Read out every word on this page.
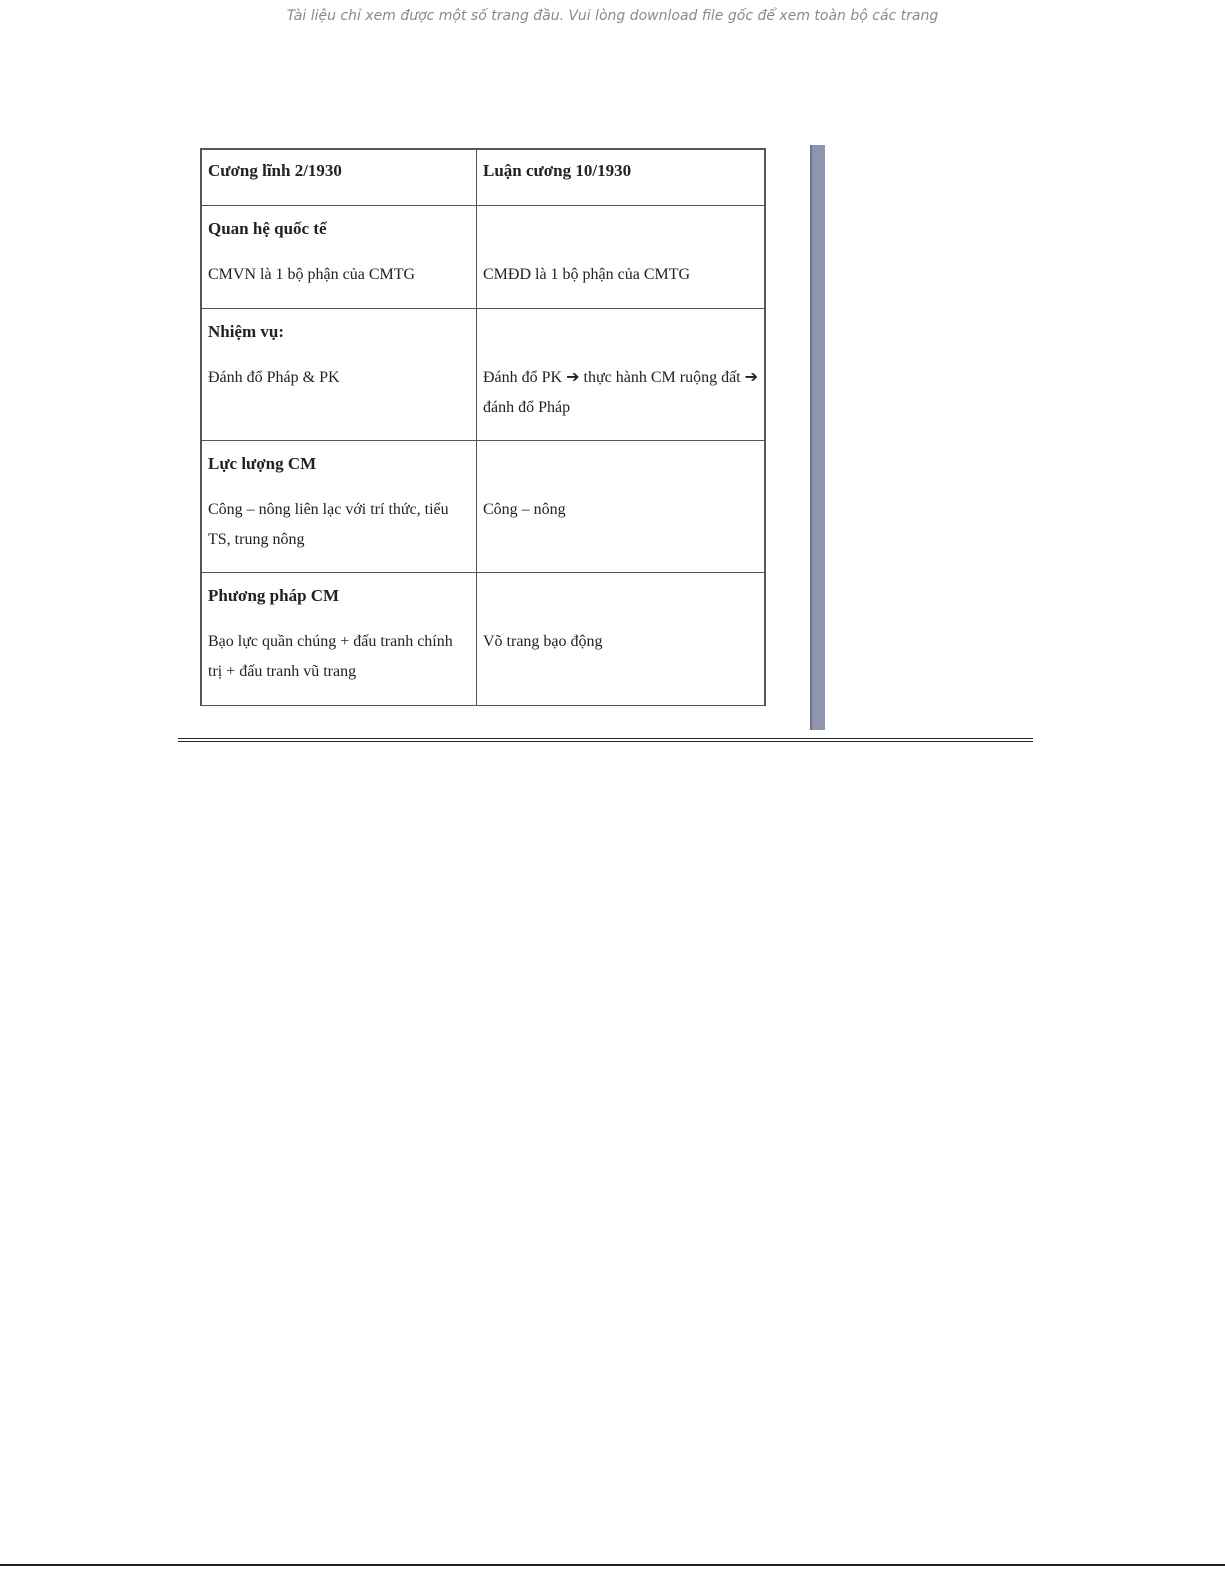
Tài liệu chỉ xem được một số trang đầu. Vui lòng download file gốc để xem toàn bộ các trang
Cương lĩnh 2/1930	Luận cương 10/1930

Quan hệ quốc tế
CMVN là 1 bộ phận của CMTG	CMĐD là 1 bộ phận của CMTG

Nhiệm vụ:
Đánh đổ Pháp & PK	Đánh đổ PK ➔ thực hành CM ruộng đất ➔ đánh đổ Pháp

Lực lượng CM
Công – nông liên lạc với trí thức, tiểu TS, trung nông	Công – nông

Phương pháp CM
Bạo lực quần chúng + đấu tranh chính trị + đấu tranh vũ trang	Võ trang bạo động
